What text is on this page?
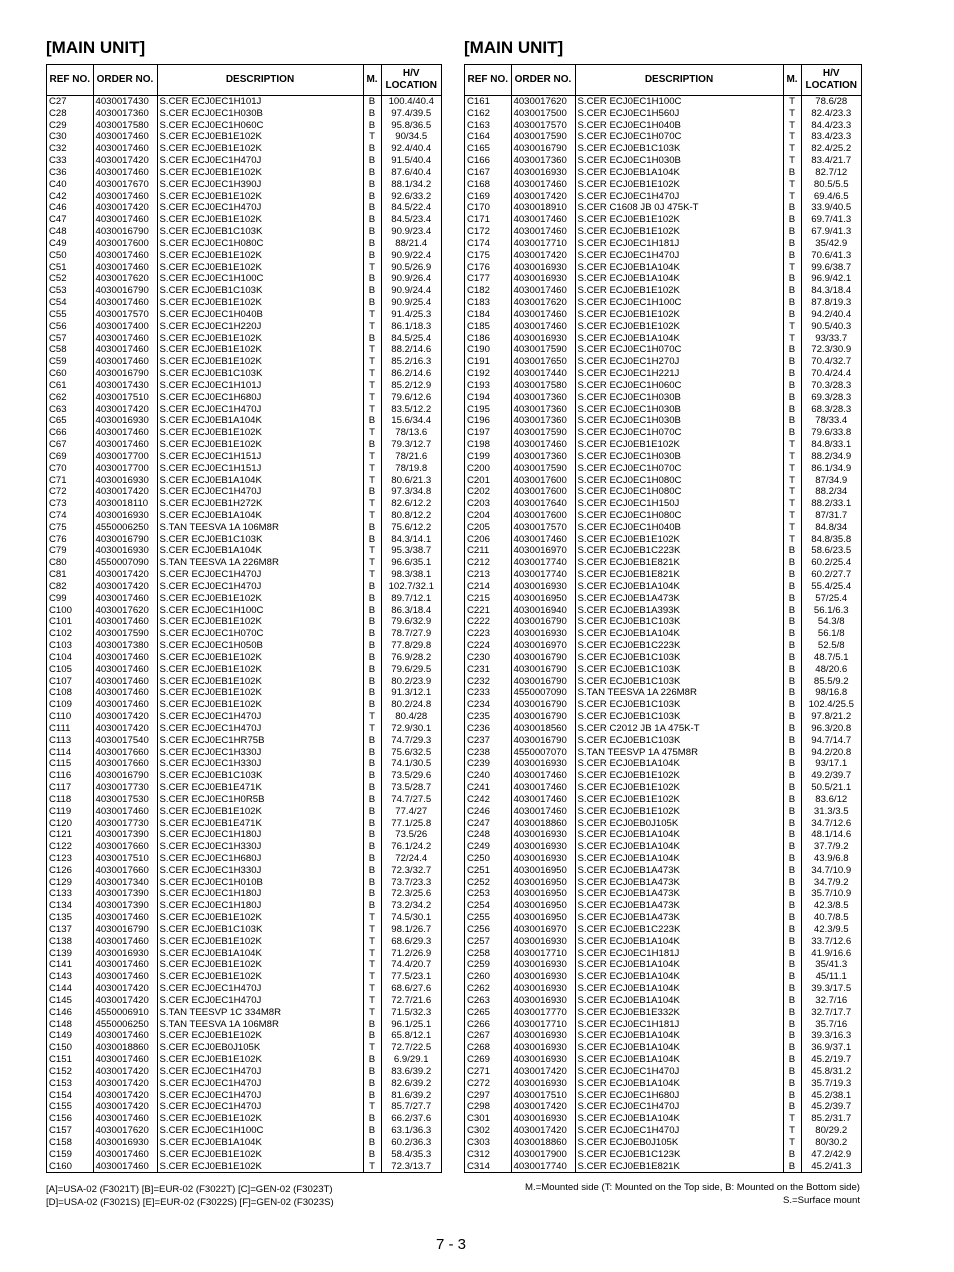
[MAIN UNIT]	[MAIN UNIT]
REF NO.	ORDER NO.	DESCRIPTION	M.	H/V LOCATION
C27	4030017430	S.CER ECJ0EC1H101J	B	100.4/40.4
C28	4030017360	S.CER ECJ0EC1H030B	B	97.4/39.5
C29	4030017580	S.CER ECJ0EC1H060C	B	95.8/36.5
C30	4030017460	S.CER ECJ0EB1E102K	T	90/34.5
C32	4030017460	S.CER ECJ0EB1E102K	B	92.4/40.4
C33	4030017420	S.CER ECJ0EC1H470J	B	91.5/40.4
C36	4030017460	S.CER ECJ0EB1E102K	B	87.6/40.4
C40	4030017670	S.CER ECJ0EC1H390J	B	88.1/34.2
C42	4030017460	S.CER ECJ0EB1E102K	B	92.6/33.2
C46	4030017420	S.CER ECJ0EC1H470J	B	84.5/22.4
C47	4030017460	S.CER ECJ0EB1E102K	B	84.5/23.4
C48	4030016790	S.CER ECJ0EB1C103K	B	90.9/23.4
C49	4030017600	S.CER ECJ0EC1H080C	B	88/21.4
C50	4030017460	S.CER ECJ0EB1E102K	B	90.9/22.4
C51	4030017460	S.CER ECJ0EB1E102K	T	90.5/26.9
C52	4030017620	S.CER ECJ0EC1H100C	B	90.9/26.4
C53	4030016790	S.CER ECJ0EB1C103K	B	90.9/24.4
C54	4030017460	S.CER ECJ0EB1E102K	B	90.9/25.4
C55	4030017570	S.CER ECJ0EC1H040B	T	91.4/25.3
C56	4030017400	S.CER ECJ0EC1H220J	T	86.1/18.3
C57	4030017460	S.CER ECJ0EB1E102K	B	84.5/25.4
C58	4030017460	S.CER ECJ0EB1E102K	T	88.2/14.6
C59	4030017460	S.CER ECJ0EB1E102K	T	85.2/16.3
C60	4030016790	S.CER ECJ0EB1C103K	T	86.2/14.6
C61	4030017430	S.CER ECJ0EC1H101J	T	85.2/12.9
C62	4030017510	S.CER ECJ0EC1H680J	T	79.6/12.6
C63	4030017420	S.CER ECJ0EC1H470J	T	83.5/12.2
C65	4030016930	S.CER ECJ0EB1A104K	B	15.6/34.4
C66	4030017460	S.CER ECJ0EB1E102K	T	78/13.6
C67	4030017460	S.CER ECJ0EB1E102K	B	79.3/12.7
C69	4030017700	S.CER ECJ0EC1H151J	T	78/21.6
C70	4030017700	S.CER ECJ0EC1H151J	T	78/19.8
C71	4030016930	S.CER ECJ0EB1A104K	T	80.6/21.3
C72	4030017420	S.CER ECJ0EC1H470J	B	97.3/34.8
C73	4030018110	S.CER ECJ0EB1H272K	T	82.6/12.2
C74	4030016930	S.CER ECJ0EB1A104K	T	80.8/12.2
C75	4550006250	S.TAN TEESVA 1A 106M8R	B	75.6/12.2
C76	4030016790	S.CER ECJ0EB1C103K	B	84.3/14.1
C79	4030016930	S.CER ECJ0EB1A104K	T	95.3/38.7
C80	4550007090	S.TAN TEESVA 1A 226M8R	T	96.6/35.1
C81	4030017420	S.CER ECJ0EC1H470J	T	98.3/38.1
C82	4030017420	S.CER ECJ0EC1H470J	B	102.7/32.1
C99	4030017460	S.CER ECJ0EB1E102K	B	89.7/12.1
C100	4030017620	S.CER ECJ0EC1H100C	B	86.3/18.4
C101	4030017460	S.CER ECJ0EB1E102K	B	79.6/32.9
C102	4030017590	S.CER ECJ0EC1H070C	B	78.7/27.9
C103	4030017380	S.CER ECJ0EC1H050B	B	77.8/29.8
C104	4030017460	S.CER ECJ0EB1E102K	B	76.9/28.2
C105	4030017460	S.CER ECJ0EB1E102K	B	79.6/29.5
C107	4030017460	S.CER ECJ0EB1E102K	B	80.2/23.9
C108	4030017460	S.CER ECJ0EB1E102K	B	91.3/12.1
C109	4030017460	S.CER ECJ0EB1E102K	B	80.2/24.8
C110	4030017420	S.CER ECJ0EC1H470J	T	80.4/28
C111	4030017420	S.CER ECJ0EC1H470J	T	72.9/30.1
C113	4030017540	S.CER ECJ0EC1HR75B	B	74.7/29.3
C114	4030017660	S.CER ECJ0EC1H330J	B	75.6/32.5
C115	4030017660	S.CER ECJ0EC1H330J	B	74.1/30.5
C116	4030016790	S.CER ECJ0EB1C103K	B	73.5/29.6
C117	4030017730	S.CER ECJ0EB1E471K	B	73.5/28.7
C118	4030017530	S.CER ECJ0EC1H0R5B	B	74.7/27.5
C119	4030017460	S.CER ECJ0EB1E102K	B	77.4/27
C120	4030017730	S.CER ECJ0EB1E471K	B	77.1/25.8
C121	4030017390	S.CER ECJ0EC1H180J	B	73.5/26
C122	4030017660	S.CER ECJ0EC1H330J	B	76.1/24.2
C123	4030017510	S.CER ECJ0EC1H680J	B	72/24.4
C126	4030017660	S.CER ECJ0EC1H330J	B	72.3/32.7
C129	4030017340	S.CER ECJ0EC1H010B	B	73.7/23.3
C133	4030017390	S.CER ECJ0EC1H180J	B	72.3/25.6
C134	4030017390	S.CER ECJ0EC1H180J	B	73.2/34.2
C135	4030017460	S.CER ECJ0EB1E102K	T	74.5/30.1
C137	4030016790	S.CER ECJ0EB1C103K	T	98.1/26.7
C138	4030017460	S.CER ECJ0EB1E102K	T	68.6/29.3
C139	4030016930	S.CER ECJ0EB1A104K	T	71.2/26.9
C141	4030017460	S.CER ECJ0EB1E102K	T	74.4/20.7
C143	4030017460	S.CER ECJ0EB1E102K	T	77.5/23.1
C144	4030017420	S.CER ECJ0EC1H470J	T	68.6/27.6
C145	4030017420	S.CER ECJ0EC1H470J	T	72.7/21.6
C146	4550006910	S.TAN TEESVP 1C 334M8R	T	71.5/32.3
C148	4550006250	S.TAN TEESVA 1A 106M8R	B	96.1/25.1
C149	4030017460	S.CER ECJ0EB1E102K	B	65.8/12.1
C150	4030018860	S.CER ECJ0EB0J105K	T	72.7/22.5
C151	4030017460	S.CER ECJ0EB1E102K	B	6.9/29.1
C152	4030017420	S.CER ECJ0EC1H470J	B	83.6/39.2
C153	4030017420	S.CER ECJ0EC1H470J	B	82.6/39.2
C154	4030017420	S.CER ECJ0EC1H470J	B	81.6/39.2
C155	4030017420	S.CER ECJ0EC1H470J	T	85.7/27.7
C156	4030017460	S.CER ECJ0EB1E102K	B	66.2/37.6
C157	4030017620	S.CER ECJ0EC1H100C	B	63.1/36.3
C158	4030016930	S.CER ECJ0EB1A104K	B	60.2/36.3
C159	4030017460	S.CER ECJ0EB1E102K	B	58.4/35.3
C160	4030017460	S.CER ECJ0EB1E102K	T	72.3/13.7
REF NO.	ORDER NO.	DESCRIPTION	M.	H/V LOCATION
C161	4030017620	S.CER ECJ0EC1H100C	T	78.6/28
C162	4030017500	S.CER ECJ0EC1H560J	T	82.4/23.3
C163	4030017570	S.CER ECJ0EC1H040B	T	84.4/23.3
C164	4030017590	S.CER ECJ0EC1H070C	T	83.4/23.3
C165	4030016790	S.CER ECJ0EB1C103K	T	82.4/25.2
C166	4030017360	S.CER ECJ0EC1H030B	T	83.4/21.7
C167	4030016930	S.CER ECJ0EB1A104K	B	82.7/12
C168	4030017460	S.CER ECJ0EB1E102K	T	80.5/5.5
C169	4030017420	S.CER ECJ0EC1H470J	T	69.4/6.5
C170	4030018910	S.CER C1608 JB 0J 475K-T	B	33.9/40.5
C171	4030017460	S.CER ECJ0EB1E102K	B	69.7/41.3
C172	4030017460	S.CER ECJ0EB1E102K	B	67.9/41.3
C174	4030017710	S.CER ECJ0EC1H181J	B	35/42.9
C175	4030017420	S.CER ECJ0EC1H470J	B	70.6/41.3
C176	4030016930	S.CER ECJ0EB1A104K	T	99.6/38.7
C177	4030016930	S.CER ECJ0EB1A104K	B	96.9/42.1
C182	4030017460	S.CER ECJ0EB1E102K	B	84.3/18.4
C183	4030017620	S.CER ECJ0EC1H100C	B	87.8/19.3
C184	4030017460	S.CER ECJ0EB1E102K	B	94.2/40.4
C185	4030017460	S.CER ECJ0EB1E102K	T	90.5/40.3
C186	4030016930	S.CER ECJ0EB1A104K	T	93/33.7
C190	4030017590	S.CER ECJ0EC1H070C	B	72.3/30.9
C191	4030017650	S.CER ECJ0EC1H270J	B	70.4/32.7
C192	4030017440	S.CER ECJ0EC1H221J	B	70.4/24.4
C193	4030017580	S.CER ECJ0EC1H060C	B	70.3/28.3
C194	4030017360	S.CER ECJ0EC1H030B	B	69.3/28.3
C195	4030017360	S.CER ECJ0EC1H030B	B	68.3/28.3
C196	4030017360	S.CER ECJ0EC1H030B	B	78/33.4
C197	4030017590	S.CER ECJ0EC1H070C	B	79.6/33.8
C198	4030017460	S.CER ECJ0EB1E102K	T	84.8/33.1
C199	4030017360	S.CER ECJ0EC1H030B	T	88.2/34.9
C200	4030017590	S.CER ECJ0EC1H070C	T	86.1/34.9
C201	4030017600	S.CER ECJ0EC1H080C	T	87/34.9
C202	4030017600	S.CER ECJ0EC1H080C	T	88.2/34
C203	4030017640	S.CER ECJ0EC1H150J	T	88.2/33.1
C204	4030017600	S.CER ECJ0EC1H080C	T	87/31.7
C205	4030017570	S.CER ECJ0EC1H040B	T	84.8/34
C206	4030017460	S.CER ECJ0EB1E102K	T	84.8/35.8
C211	4030016970	S.CER ECJ0EB1C223K	B	58.6/23.5
C212	4030017740	S.CER ECJ0EB1E821K	B	60.2/25.4
C213	4030017740	S.CER ECJ0EB1E821K	B	60.2/27.7
C214	4030016930	S.CER ECJ0EB1A104K	B	55.4/25.4
C215	4030016950	S.CER ECJ0EB1A473K	B	57/25.4
C221	4030016940	S.CER ECJ0EB1A393K	B	56.1/6.3
C222	4030016790	S.CER ECJ0EB1C103K	B	54.3/8
C223	4030016930	S.CER ECJ0EB1A104K	B	56.1/8
C224	4030016970	S.CER ECJ0EB1C223K	B	52.5/8
C230	4030016790	S.CER ECJ0EB1C103K	B	48.7/5.1
C231	4030016790	S.CER ECJ0EB1C103K	B	48/20.6
C232	4030016790	S.CER ECJ0EB1C103K	B	85.5/9.2
C233	4550007090	S.TAN TEESVA 1A 226M8R	B	98/16.8
C234	4030016790	S.CER ECJ0EB1C103K	B	102.4/25.5
C235	4030016790	S.CER ECJ0EB1C103K	B	97.8/21.2
C236	4030018560	S.CER C2012 JB 1A 475K-T	B	96.3/20.8
C237	4030016790	S.CER ECJ0EB1C103K	B	94.7/14.7
C238	4550007070	S.TAN TEESVP 1A 475M8R	B	94.2/20.8
C239	4030016930	S.CER ECJ0EB1A104K	B	93/17.1
C240	4030017460	S.CER ECJ0EB1E102K	B	49.2/39.7
C241	4030017460	S.CER ECJ0EB1E102K	B	50.5/21.1
C242	4030017460	S.CER ECJ0EB1E102K	B	83.6/12
C246	4030017460	S.CER ECJ0EB1E102K	B	31.3/3.5
C247	4030018860	S.CER ECJ0EB0J105K	B	34.7/12.6
C248	4030016930	S.CER ECJ0EB1A104K	B	48.1/14.6
C249	4030016930	S.CER ECJ0EB1A104K	B	37.7/9.2
C250	4030016930	S.CER ECJ0EB1A104K	B	43.9/6.8
C251	4030016950	S.CER ECJ0EB1A473K	B	34.7/10.9
C252	4030016950	S.CER ECJ0EB1A473K	B	34.7/9.2
C253	4030016950	S.CER ECJ0EB1A473K	B	35.7/10.9
C254	4030016950	S.CER ECJ0EB1A473K	B	42.3/8.5
C255	4030016950	S.CER ECJ0EB1A473K	B	40.7/8.5
C256	4030016970	S.CER ECJ0EB1C223K	B	42.3/9.5
C257	4030016930	S.CER ECJ0EB1A104K	B	33.7/12.6
C258	4030017710	S.CER ECJ0EC1H181J	B	41.9/16.6
C259	4030016930	S.CER ECJ0EB1A104K	B	35/41.3
C260	4030016930	S.CER ECJ0EB1A104K	B	45/11.1
C262	4030016930	S.CER ECJ0EB1A104K	B	39.3/17.5
C263	4030016930	S.CER ECJ0EB1A104K	B	32.7/16
C265	4030017770	S.CER ECJ0EB1E332K	B	32.7/17.7
C266	4030017710	S.CER ECJ0EC1H181J	B	35.7/16
C267	4030016930	S.CER ECJ0EB1A104K	B	39.3/16.3
C268	4030016930	S.CER ECJ0EB1A104K	B	36.9/37.1
C269	4030016930	S.CER ECJ0EB1A104K	B	45.2/19.7
C271	4030017420	S.CER ECJ0EC1H470J	B	45.8/31.2
C272	4030016930	S.CER ECJ0EB1A104K	B	35.7/19.3
C297	4030017510	S.CER ECJ0EC1H680J	B	45.2/38.1
C298	4030017420	S.CER ECJ0EC1H470J	B	45.2/39.7
C301	4030016930	S.CER ECJ0EB1A104K	T	85.2/31.7
C302	4030017420	S.CER ECJ0EC1H470J	T	80/29.2
C303	4030018860	S.CER ECJ0EB0J105K	T	80/30.2
C312	4030017900	S.CER ECJ0EB1C123K	B	47.2/42.9
C314	4030017740	S.CER ECJ0EB1E821K	B	45.2/41.3
[A]=USA-02 (F3021T) [B]=EUR-02 (F3022T) [C]=GEN-02 (F3023T)
[D]=USA-02 (F3021S) [E]=EUR-02 (F3022S) [F]=GEN-02 (F3023S)
M.=Mounted side (T: Mounted on the Top side, B: Mounted on the Bottom side)
S.=Surface mount
7 - 3
